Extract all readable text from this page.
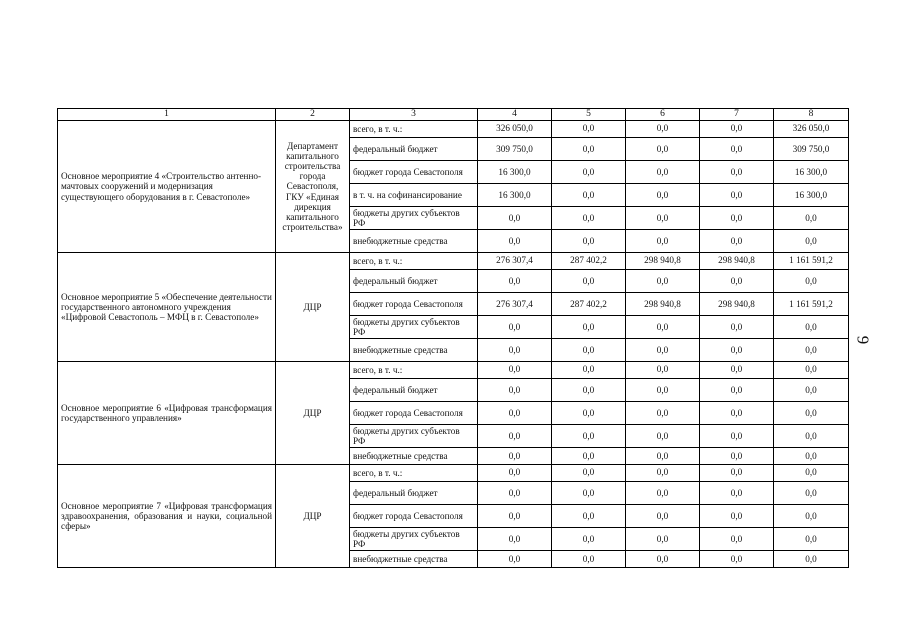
1	2	3	4	5	6	7	8
Основное мероприятие 4 «Строительство антенно-мачтовых сооружений и модернизация существующего оборудования в г. Севастополе»	Департамент капитального строительства города Севастополя, ГКУ «Единая дирекция капитального строительства»	всего, в т. ч.:	326 050,0	0,0	0,0	0,0	326 050,0
		федеральный бюджет	309 750,0	0,0	0,0	0,0	309 750,0
		бюджет города Севастополя	16 300,0	0,0	0,0	0,0	16 300,0
		в т. ч. на софинансирование	16 300,0	0,0	0,0	0,0	16 300,0
		бюджеты других субъектов РФ	0,0	0,0	0,0	0,0	0,0
		внебюджетные средства	0,0	0,0	0,0	0,0	0,0
Основное мероприятие 5 «Обеспечение деятельности государственного автономного учреждения «Цифровой Севастополь – МФЦ в г. Севастополе»	ДЦР	всего, в т. ч.:	276 307,4	287 402,2	298 940,8	298 940,8	1 161 591,2
		федеральный бюджет	0,0	0,0	0,0	0,0	0,0
		бюджет города Севастополя	276 307,4	287 402,2	298 940,8	298 940,8	1 161 591,2
		бюджеты других субъектов РФ	0,0	0,0	0,0	0,0	0,0
		внебюджетные средства	0,0	0,0	0,0	0,0	0,0
Основное мероприятие 6 «Цифровая трансформация государственного управления»	ДЦР	всего, в т. ч.:	0,0	0,0	0,0	0,0	0,0
		федеральный бюджет	0,0	0,0	0,0	0,0	0,0
		бюджет города Севастополя	0,0	0,0	0,0	0,0	0,0
		бюджеты других субъектов РФ	0,0	0,0	0,0	0,0	0,0
		внебюджетные средства	0,0	0,0	0,0	0,0	0,0
Основное мероприятие 7 «Цифровая трансформация здравоохранения, образования и науки, социальной сферы»	ДЦР	всего, в т. ч.:	0,0	0,0	0,0	0,0	0,0
		федеральный бюджет	0,0	0,0	0,0	0,0	0,0
		бюджет города Севастополя	0,0	0,0	0,0	0,0	0,0
		бюджеты других субъектов РФ	0,0	0,0	0,0	0,0	0,0
		внебюджетные средства	0,0	0,0	0,0	0,0	0,0
9
